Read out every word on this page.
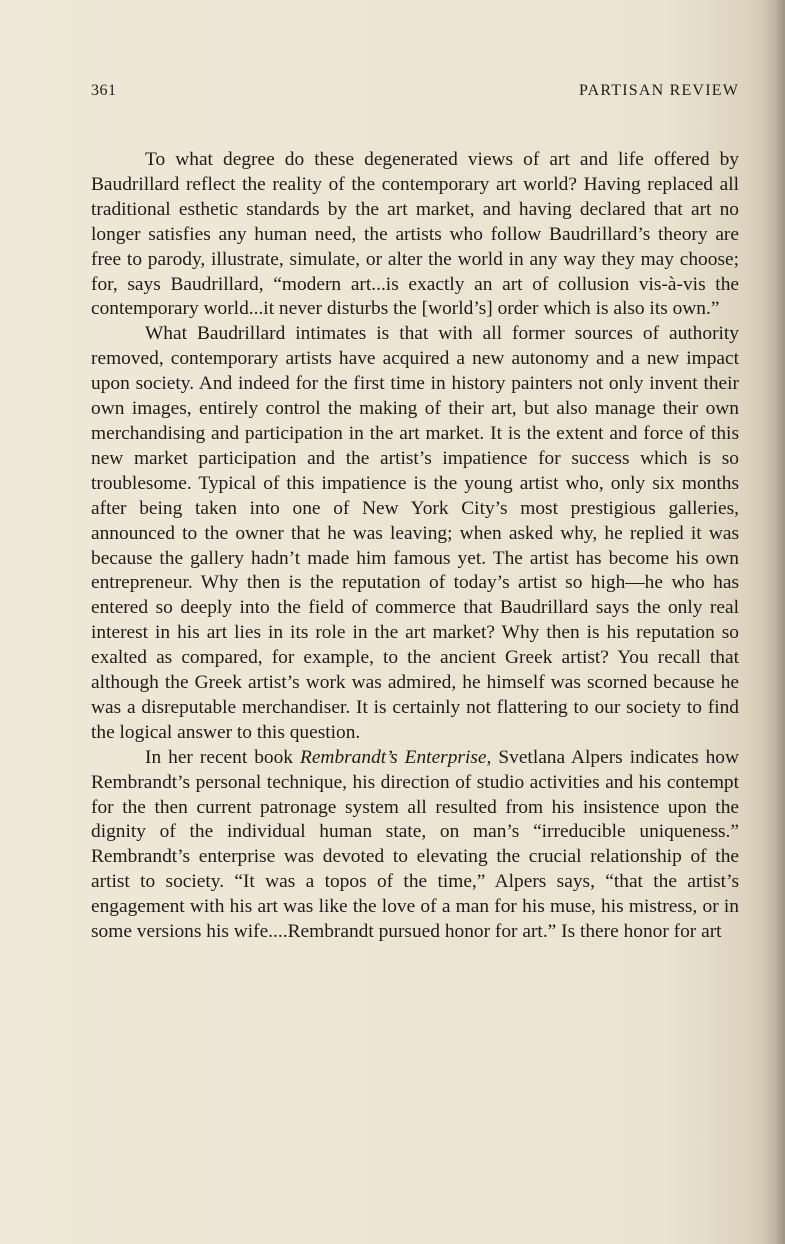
361	PARTISAN REVIEW

To what degree do these degenerated views of art and life offered by Baudrillard reflect the reality of the contemporary art world? Having replaced all traditional esthetic standards by the art market, and having declared that art no longer satisfies any human need, the artists who follow Baudrillard’s theory are free to parody, illustrate, simulate, or alter the world in any way they may choose; for, says Baudrillard, “modern art...is exactly an art of collusion vis-à-vis the contemporary world...it never disturbs the [world’s] order which is also its own.”

What Baudrillard intimates is that with all former sources of authority removed, contemporary artists have acquired a new autonomy and a new impact upon society. And indeed for the first time in history painters not only invent their own images, entirely control the making of their art, but also manage their own merchandising and participation in the art market. It is the extent and force of this new market participation and the artist’s impatience for success which is so troublesome. Typical of this impatience is the young artist who, only six months after being taken into one of New York City’s most prestigious galleries, announced to the owner that he was leaving; when asked why, he replied it was because the gallery hadn’t made him famous yet. The artist has become his own entrepreneur. Why then is the reputation of today’s artist so high—he who has entered so deeply into the field of commerce that Baudrillard says the only real interest in his art lies in its role in the art market? Why then is his reputation so exalted as compared, for example, to the ancient Greek artist? You recall that although the Greek artist’s work was admired, he himself was scorned because he was a disreputable merchandiser. It is certainly not flattering to our society to find the logical answer to this question.

In her recent book Rembrandt’s Enterprise, Svetlana Alpers indicates how Rembrandt’s personal technique, his direction of studio activities and his contempt for the then current patronage system all resulted from his insistence upon the dignity of the individual human state, on man’s “irreducible uniqueness.” Rembrandt’s enterprise was devoted to elevating the crucial relationship of the artist to society. “It was a topos of the time,” Alpers says, “that the artist’s engagement with his art was like the love of a man for his muse, his mistress, or in some versions his wife....Rembrandt pursued honor for art.” Is there honor for art
